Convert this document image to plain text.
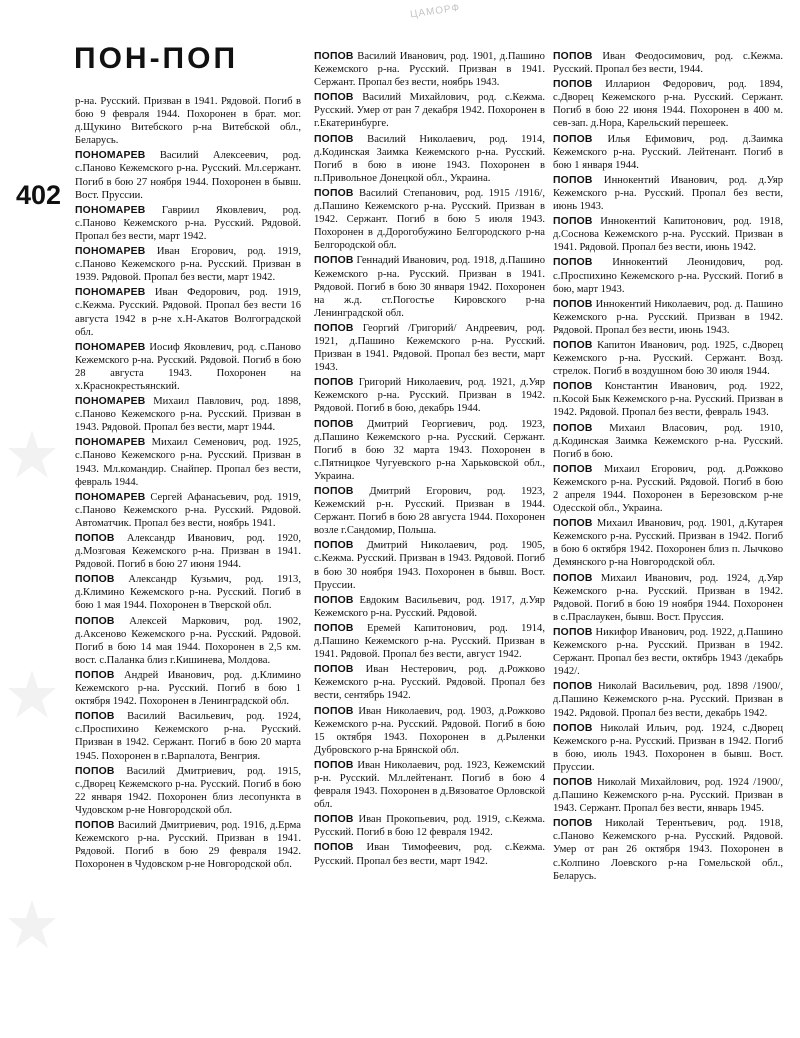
ПОН-ПОП
402
ЦАМОРФ
р-на. Русский. Призван в 1941. Рядовой. Погиб в бою 9 февраля 1944. Похоронен в брат. мог. д.Щукино Витебского р-на Витебской обл., Беларусь.
ПОНОМАРЕВ Василий Алексеевич, род. с.Паново Кежемского р-на. Русский. Мл.сержант. Погиб в бою 27 ноября 1944. Похоронен в бывш. Вост. Пруссии.
ПОНОМАРЕВ Гавриил Яковлевич, род. с.Паново Кежемского р-на. Русский. Рядовой. Пропал без вести, март 1942.
ПОНОМАРЕВ Иван Егорович, род. 1919, с.Паново Кежемского р-на. Русский. Призван в 1939. Рядовой. Пропал без вести, март 1942.
ПОНОМАРЕВ Иван Федорович, род. 1919, с.Кежма. Русский. Рядовой. Пропал без вести 16 августа 1942 в р-не х.Н-Акатов Волгоградской обл.
ПОНОМАРЕВ Иосиф Яковлевич, род. с.Паново Кежемского р-на. Русский. Рядовой. Погиб в бою 28 августа 1943. Похоронен на х.Краснокрестьянский.
ПОНОМАРЕВ Михаил Павлович, род. 1898, с.Паново Кежемского р-на. Русский. Призван в 1943. Рядовой. Пропал без вести, март 1944.
ПОНОМАРЕВ Михаил Семенович, род. 1925, с.Паново Кежемского р-на. Русский. Призван в 1943. Мл.командир. Снайпер. Пропал без вести, февраль 1944.
ПОНОМАРЕВ Сергей Афанасьевич, род. 1919, с.Паново Кежемского р-на. Русский. Рядовой. Автоматчик. Пропал без вести, ноябрь 1941.
ПОПОВ Александр Иванович, род. 1920, д.Мозговая Кежемского р-на. Призван в 1941. Рядовой. Погиб в бою 27 июня 1944.
ПОПОВ Александр Кузьмич, род. 1913, д.Климино Кежемского р-на. Русский. Погиб в бою 1 мая 1944. Похоронен в Тверской обл.
ПОПОВ Алексей Маркович, род. 1902, д.Аксеново Кежемского р-на. Русский. Рядовой. Погиб в бою 14 мая 1944. Похоронен в 2,5 км. вост. с.Паланка близ г.Кишинева, Молдова.
ПОПОВ Андрей Иванович, род. д.Климино Кежемского р-на. Русский. Погиб в бою 1 октября 1942. Похоронен в Ленинградской обл.
ПОПОВ Василий Васильевич, род. 1924, с.Проспихино Кежемского р-на. Русский. Призван в 1942. Сержант. Погиб в бою 20 марта 1945. Похоронен в г.Варпалота, Венгрия.
ПОПОВ Василий Дмитриевич, род. 1915, с.Дворец Кежемского р-на. Русский. Погиб в бою 22 января 1942. Похоронен близ лесопункта в Чудовском р-не Новгородской обл.
ПОПОВ Василий Дмитриевич, род. 1916, д.Ерма Кежемского р-на. Русский. Призван в 1941. Рядовой. Погиб в бою 29 февраля 1942. Похоронен в Чудовском р-не Новгородской обл.
ПОПОВ Василий Иванович, род. 1901, д.Пашино Кежемского р-на. Русский. Призван в 1941. Сержант. Пропал без вести, ноябрь 1943.
ПОПОВ Василий Михайлович, род. с.Кежма. Русский. Умер от ран 7 декабря 1942. Похоронен в г.Екатеринбурге.
ПОПОВ Василий Николаевич, род. 1914, д.Кодинская Заимка Кежемского р-на. Русский. Погиб в бою в июне 1943. Похоронен в п.Привольное Донецкой обл., Украина.
ПОПОВ Василий Степанович, род. 1915 /1916/, д.Пашино Кежемского р-на. Русский. Призван в 1942. Сержант. Погиб в бою 5 июля 1943. Похоронен в д.Дорогобужино Белгородского р-на Белгородской обл.
ПОПОВ Геннадий Иванович, род. 1918, д.Пашино Кежемского р-на. Русский. Призван в 1941. Рядовой. Погиб в бою 30 января 1942. Похоронен на ж.д. ст.Погостье Кировского р-на Ленинградской обл.
ПОПОВ Георгий /Григорий/ Андреевич, род. 1921, д.Пашино Кежемского р-на. Русский. Призван в 1941. Рядовой. Пропал без вести, март 1943.
ПОПОВ Григорий Николаевич, род. 1921, д.Уяр Кежемского р-на. Русский. Призван в 1942. Рядовой. Погиб в бою, декабрь 1944.
ПОПОВ Дмитрий Георгиевич, род. 1923, д.Пашино Кежемского р-на. Русский. Сержант. Погиб в бою 32 марта 1943. Похоронен в с.Пятницкое Чугуевского р-на Харьковской обл., Украина.
ПОПОВ Дмитрий Егорович, род. 1923, Кежемский р-н. Русский. Призван в 1944. Сержант. Погиб в бою 28 августа 1944. Похоронен возле г.Сандомир, Польша.
ПОПОВ Дмитрий Николаевич, род. 1905, с.Кежма. Русский. Призван в 1943. Рядовой. Погиб в бою 30 ноября 1943. Похоронен в бывш. Вост. Пруссии.
ПОПОВ Евдоким Васильевич, род. 1917, д.Уяр Кежемского р-на. Русский. Рядовой.
ПОПОВ Еремей Капитонович, род. 1914, д.Пашино Кежемского р-на. Русский. Призван в 1941. Рядовой. Пропал без вести, август 1942.
ПОПОВ Иван Нестерович, род. д.Рожково Кежемского р-на. Русский. Рядовой. Пропал без вести, сентябрь 1942.
ПОПОВ Иван Николаевич, род. 1903, д.Рожково Кежемского р-на. Русский. Рядовой. Погиб в бою 15 октября 1943. Похоронен в д.Рыленки Дубровского р-на Брянской обл.
ПОПОВ Иван Николаевич, род. 1923, Кежемский р-н. Русский. Мл.лейтенант. Погиб в бою 4 февраля 1943. Похоронен в д.Вязоватое Орловской обл.
ПОПОВ Иван Прокопьевич, род. 1919, с.Кежма. Русский. Погиб в бою 12 февраля 1942.
ПОПОВ Иван Тимофеевич, род. с.Кежма. Русский. Пропал без вести, март 1942.
ПОПОВ Иван Феодосимович, род. с.Кежма. Русский. Пропал без вести, 1944.
ПОПОВ Илларион Федорович, род. 1894, с.Дворец Кежемского р-на. Русский. Сержант. Погиб в бою 22 июня 1944. Похоронен в 400 м. сев-зап. д.Нора, Карельский перешеек.
ПОПОВ Илья Ефимович, род. д.Заимка Кежемского р-на. Русский. Лейтенант. Погиб в бою 1 января 1944.
ПОПОВ Иннокентий Иванович, род. д.Уяр Кежемского р-на. Русский. Пропал без вести, июнь 1943.
ПОПОВ Иннокентий Капитонович, род. 1918, д.Соснова Кежемского р-на. Русский. Призван в 1941. Рядовой. Пропал без вести, июнь 1942.
ПОПОВ Иннокентий Леонидович, род. с.Проспихино Кежемского р-на. Русский. Погиб в бою, март 1943.
ПОПОВ Иннокентий Николаевич, род. д. Пашино Кежемского р-на. Русский. Призван в 1942. Рядовой. Пропал без вести, июнь 1943.
ПОПОВ Капитон Иванович, род. 1925, с.Дворец Кежемского р-на. Русский. Сержант. Возд. стрелок. Погиб в воздушном бою 30 июля 1944.
ПОПОВ Константин Иванович, род. 1922, п.Косой Бык Кежемского р-на. Русский. Призван в 1942. Рядовой. Пропал без вести, февраль 1943.
ПОПОВ Михаил Власович, род. 1910, д.Кодинская Заимка Кежемского р-на. Русский. Погиб в бою.
ПОПОВ Михаил Егорович, род. д.Рожково Кежемского р-на. Русский. Рядовой. Погиб в бою 2 апреля 1944. Похоронен в Березовском р-не Одесской обл., Украина.
ПОПОВ Михаил Иванович, род. 1901, д.Кутарея Кежемского р-на. Русский. Призван в 1942. Погиб в бою 6 октября 1942. Похоронен близ п. Лычково Демянского р-на Новгородской обл.
ПОПОВ Михаил Иванович, род. 1924, д.Уяр Кежемского р-на. Русский. Призван в 1942. Рядовой. Погиб в бою 19 ноября 1944. Похоронен в с.Праслаукен, бывш. Вост. Пруссия.
ПОПОВ Никифор Иванович, род. 1922, д.Пашино Кежемского р-на. Русский. Призван в 1942. Сержант. Пропал без вести, октябрь 1943 /декабрь 1942/.
ПОПОВ Николай Васильевич, род. 1898 /1900/, д.Пашино Кежемского р-на. Русский. Призван в 1942. Рядовой. Пропал без вести, декабрь 1942.
ПОПОВ Николай Ильич, род. 1924, с.Дворец Кежемского р-на. Русский. Призван в 1942. Погиб в бою, июль 1943. Похоронен в бывш. Вост. Пруссии.
ПОПОВ Николай Михайлович, род. 1924 /1900/, д.Пашино Кежемского р-на. Русский. Призван в 1943. Сержант. Пропал без вести, январь 1945.
ПОПОВ Николай Терентьевич, род. 1918, с.Паново Кежемского р-на. Русский. Рядовой. Умер от ран 26 октября 1943. Похоронен в с.Колпино Лоевского р-на Гомельской обл., Беларусь.
